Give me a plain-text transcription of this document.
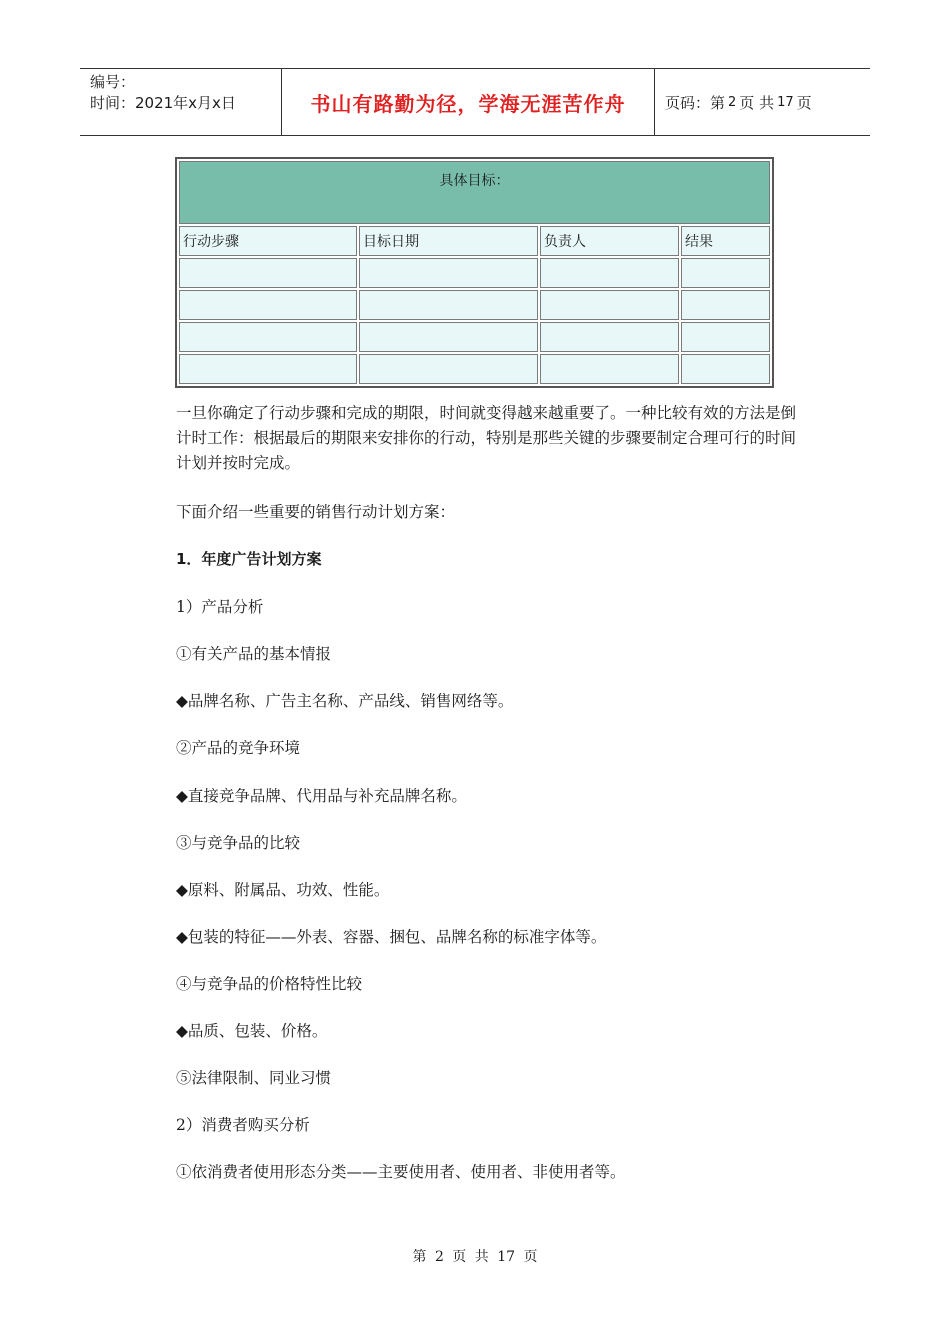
编号：
时间：2021年x月x日	书山有路勤为径，学海无涯苦作舟	页码：第 2 页 共 17 页
具体目标：			
行动步骤	目标日期	负责人	结果

一旦你确定了行动步骤和完成的期限，时间就变得越来越重要了。一种比较有效的方法是倒计时工作：根据最后的期限来安排你的行动，特别是那些关键的步骤要制定合理可行的时间计划并按时完成。

下面介绍一些重要的销售行动计划方案：

1．年度广告计划方案

1）产品分析

①有关产品的基本情报

◆品牌名称、广告主名称、产品线、销售网络等。

②产品的竞争环境

◆直接竞争品牌、代用品与补充品牌名称。

③与竞争品的比较

◆原料、附属品、功效、性能。

◆包装的特征——外表、容器、捆包、品牌名称的标准字体等。

④与竞争品的价格特性比较

◆品质、包装、价格。

⑤法律限制、同业习惯

2）消费者购买分析

①依消费者使用形态分类——主要使用者、使用者、非使用者等。

第 2 页 共 17 页
